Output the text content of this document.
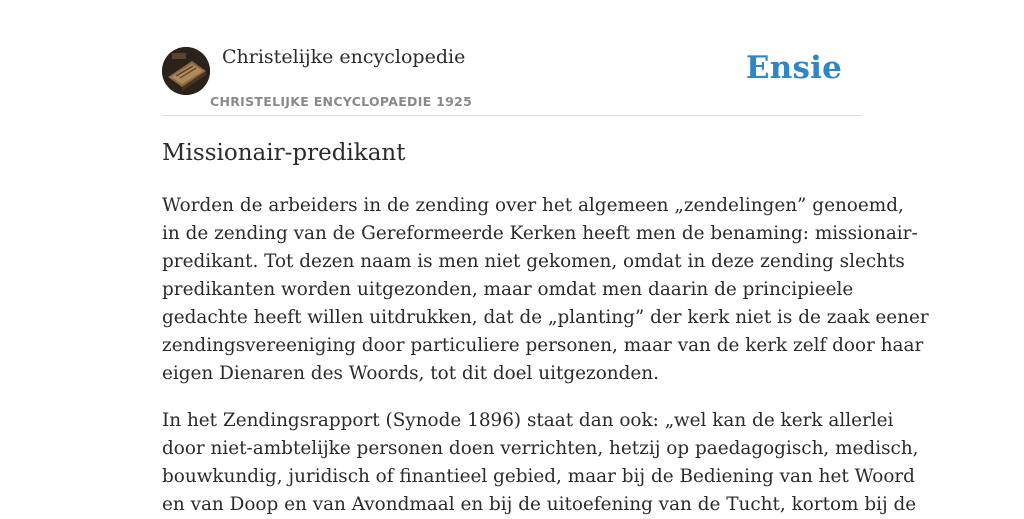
Christelijke encyclopedie
CHRISTELIJKE ENCYCLOPAEDIE 1925
Ensie
Missionair-predikant

Worden de arbeiders in de zending over het algemeen „zendelingen” genoemd,
in de zending van de Gereformeerde Kerken heeft men de benaming: missionair-
predikant. Tot dezen naam is men niet gekomen, omdat in deze zending slechts
predikanten worden uitgezonden, maar omdat men daarin de principieele
gedachte heeft willen uitdrukken, dat de „planting” der kerk niet is de zaak eener
zendingsvereeniging door particuliere personen, maar van de kerk zelf door haar
eigen Dienaren des Woords, tot dit doel uitgezonden.

In het Zendingsrapport (Synode 1896) staat dan ook: „wel kan de kerk allerlei
door niet-ambtelijke personen doen verrichten, hetzij op paedagogisch, medisch,
bouwkundig, juridisch of finantieel gebied, maar bij de Bediening van het Woord
en van Doop en van Avondmaal en bij de uitoefening van de Tucht, kortom bij de
